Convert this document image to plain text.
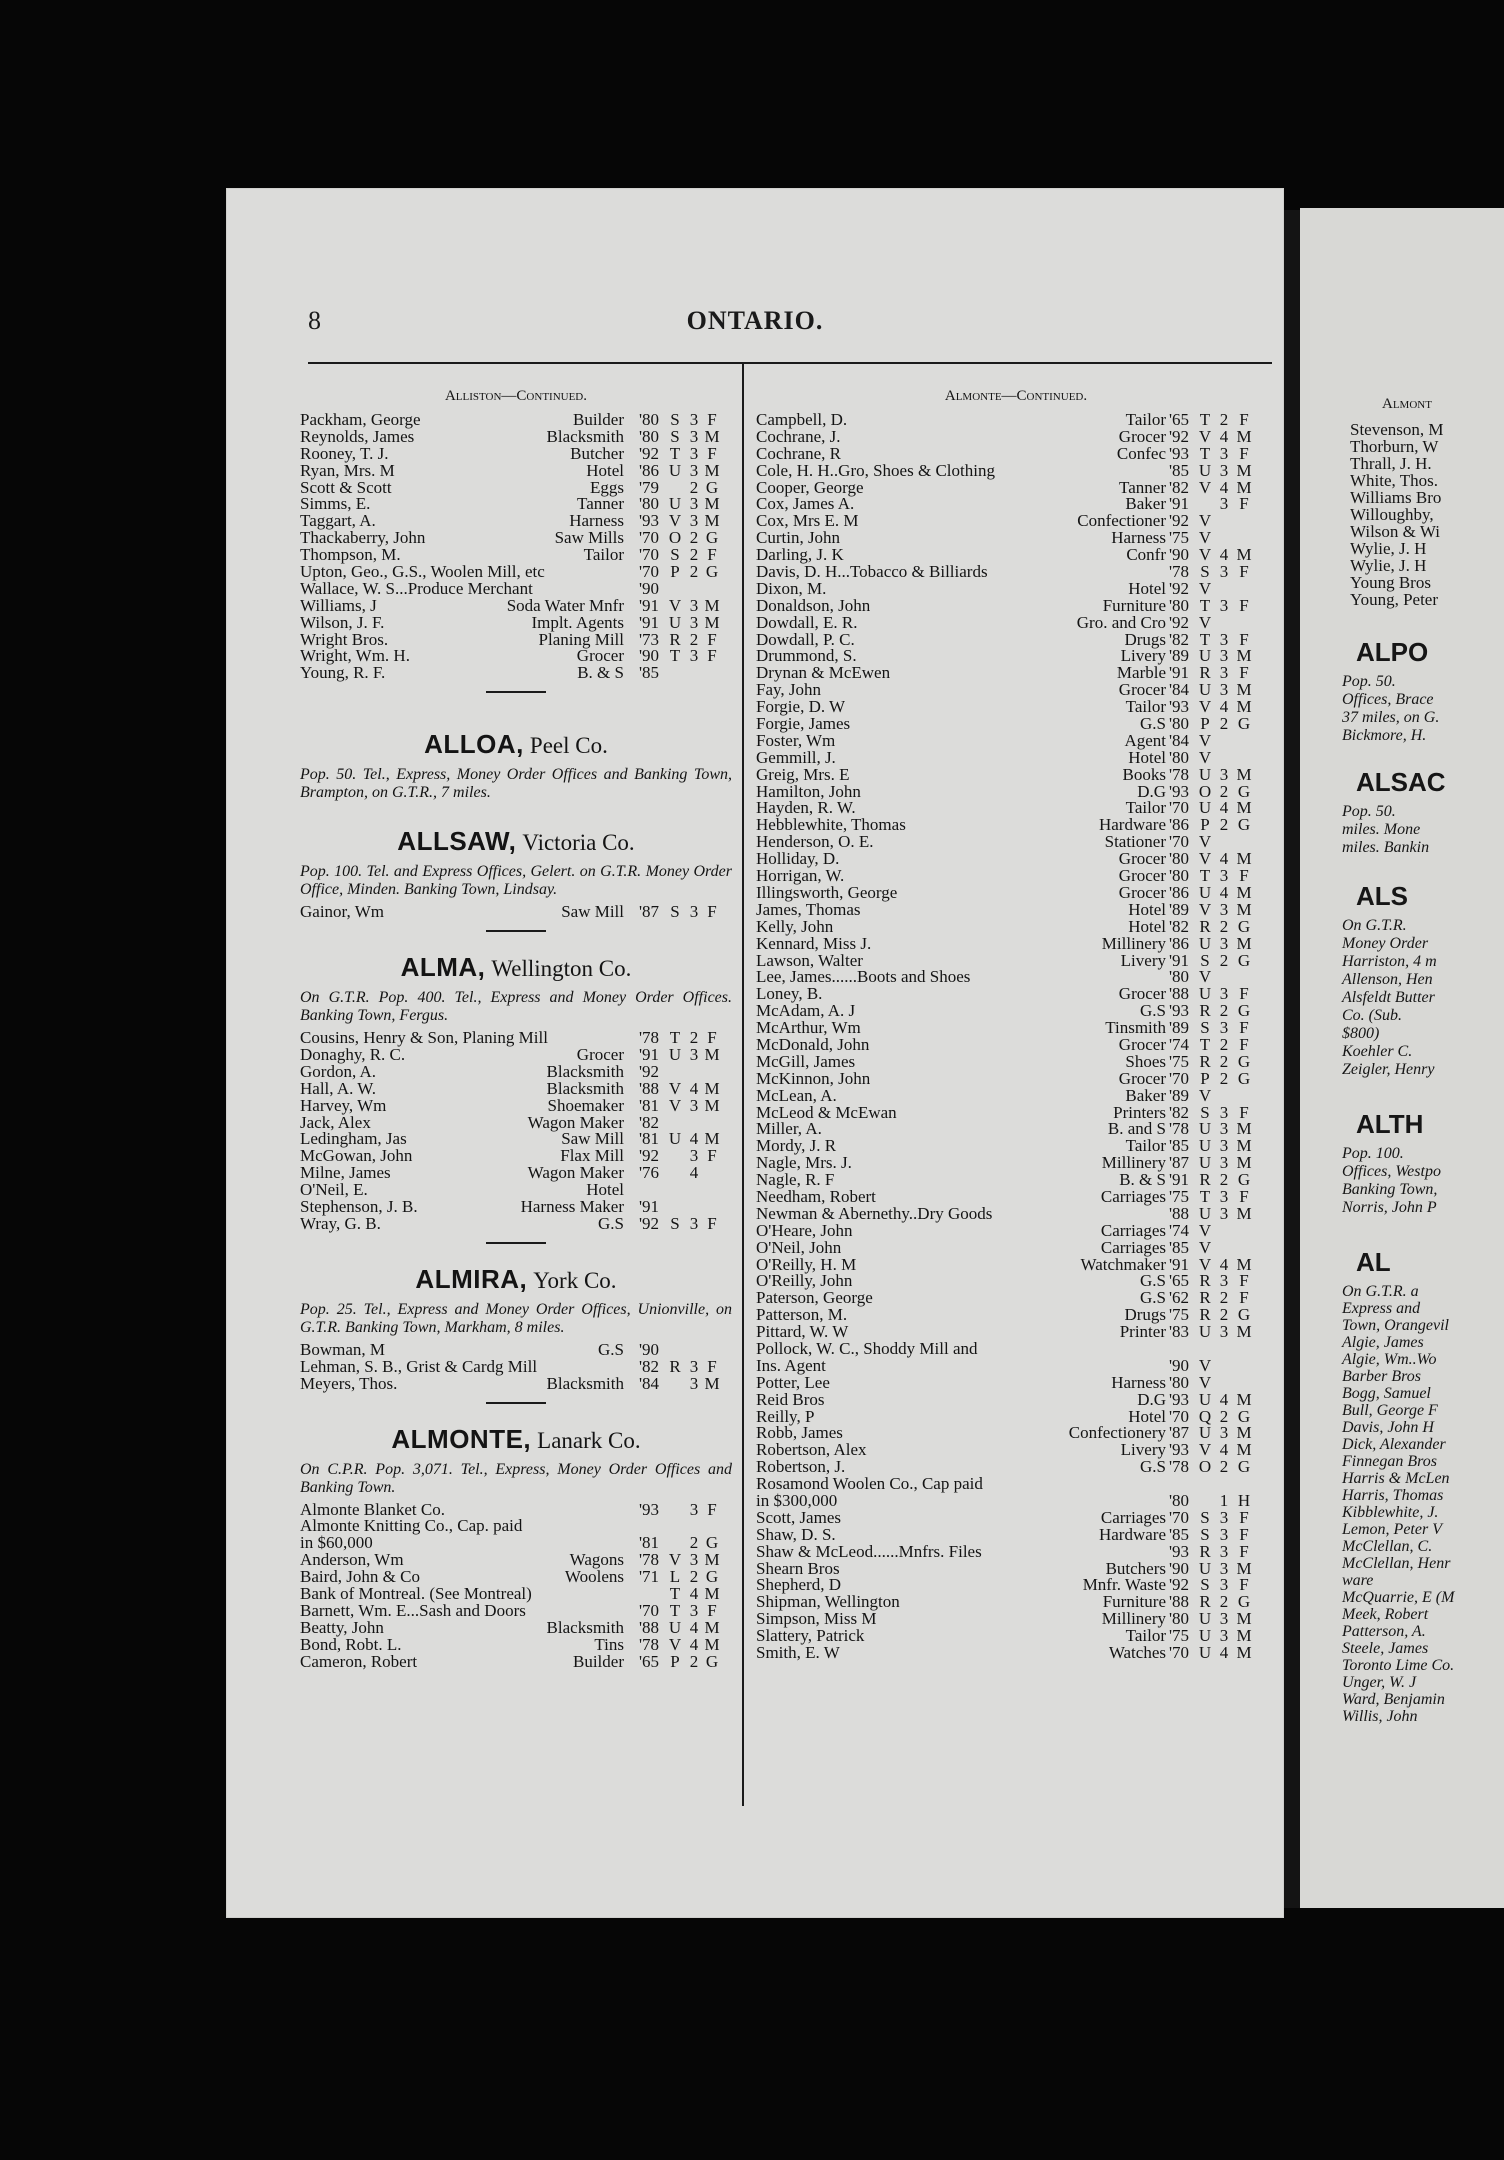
8	ONTARIO.
Alliston—Continued.
Packham, George	Builder '80 S 3 F
Reynolds, James	Blacksmith '80 S 3 M
Rooney, T. J.	Butcher '92 T 3 F
Ryan, Mrs. M	Hotel '86 U 3 M
Scott & Scott	Eggs '79 2 G
Simms, E.	Tanner '80 U 3 M
Taggart, A.	Harness '93 V 3 M
Thackaberry, John	Saw Mills '70 O 2 G
Thompson, M.	Tailor '70 S 2 F
Upton, Geo., G.S., Woolen Mill, etc	'70 P 2 G
Wallace, W. S...Produce Merchant	'90
Williams, J	Soda Water Mnfr '91 V 3 M
Wilson, J. F.	Implt. Agents '91 U 3 M
Wright Bros.	Planing Mill '73 R 2 F
Wright, Wm. H.	Grocer '90 T 3 F
Young, R. F.	B. & S '85
ALLOA, Peel Co.
Pop. 50. Tel., Express, Money Order Offices and Banking Town, Brampton, on G.T.R., 7 miles.
ALLSAW, Victoria Co.
Pop. 100. Tel. and Express Offices, Gelert. on G.T.R. Money Order Office, Minden. Banking Town, Lindsay.
Gainor, Wm	Saw Mill '87 S 3 F
ALMA, Wellington Co.
On G.T.R. Pop. 400. Tel., Express and Money Order Offices. Banking Town, Fergus.
Cousins, Henry & Son, Planing Mill	'78 T 2 F
Donaghy, R. C.	Grocer '91 U 3 M
Gordon, A.	Blacksmith '92
Hall, A. W.	Blacksmith '88 V 4 M
Harvey, Wm	Shoemaker '81 V 3 M
Jack, Alex	Wagon Maker '82
Ledingham, Jas	Saw Mill '81 U 4 M
McGowan, John	Flax Mill '92 3 F
Milne, James	Wagon Maker '76 4
O'Neil, E.	Hotel
Stephenson, J. B.	Harness Maker '91
Wray, G. B.	G.S '92 S 3 F
ALMIRA, York Co.
Pop. 25. Tel., Express and Money Order Offices, Unionville, on G.T.R. Banking Town, Markham, 8 miles.
Bowman, M	G.S '90
Lehman, S. B., Grist & Cardg Mill	'82 R 3 F
Meyers, Thos.	Blacksmith '84 3 M
ALMONTE, Lanark Co.
On C.P.R. Pop. 3,071. Tel., Express, Money Order Offices and Banking Town.
Almonte Blanket Co.	'93 3 F
Almonte Knitting Co., Cap. paid
in $60,000	'81 2 G
Anderson, Wm	Wagons '78 V 3 M
Baird, John & Co	Woolens '71 L 2 G
Bank of Montreal. (See Montreal)	T 4 M
Barnett, Wm. E...Sash and Doors	'70 T 3 F
Beatty, John	Blacksmith '88 U 4 M
Bond, Robt. L.	Tins '78 V 4 M
Cameron, Robert	Builder '65 P 2 G
Almonte—Continued.
Campbell, D.	Tailor '65 T 2 F
Cochrane, J.	Grocer '92 V 4 M
Cochrane, R	Confec '93 T 3 F
Cole, H. H..Gro, Shoes & Clothing	'85 U 3 M
Cooper, George	Tanner '82 V 4 M
Cox, James A.	Baker '91 3 F
Cox, Mrs E. M	Confectioner '92 V
Curtin, John	Harness '75 V
Darling, J. K	Confr '90 V 4 M
Davis, D. H...Tobacco & Billiards	'78 S 3 F
Dixon, M.	Hotel '92 V
Donaldson, John	Furniture '80 T 3 F
Dowdall, E. R.	Gro. and Cro '92 V
Dowdall, P. C.	Drugs '82 T 3 F
Drummond, S.	Livery '89 U 3 M
Drynan & McEwen	Marble '91 R 3 F
Fay, John	Grocer '84 U 3 M
Forgie, D. W	Tailor '93 V 4 M
Forgie, James	G.S '80 P 2 G
Foster, Wm	Agent '84 V
Gemmill, J.	Hotel '80 V
Greig, Mrs. E	Books '78 U 3 M
Hamilton, John	D.G '93 O 2 G
Hayden, R. W.	Tailor '70 U 4 M
Hebblewhite, Thomas	Hardware '86 P 2 G
Henderson, O. E.	Stationer '70 V
Holliday, D.	Grocer '80 V 4 M
Horrigan, W.	Grocer '80 T 3 F
Illingsworth, George	Grocer '86 U 4 M
James, Thomas	Hotel '89 V 3 M
Kelly, John	Hotel '82 R 2 G
Kennard, Miss J.	Millinery '86 U 3 M
Lawson, Walter	Livery '91 S 2 G
Lee, James......Boots and Shoes	'80 V
Loney, B.	Grocer '88 U 3 F
McAdam, A. J	G.S '93 R 2 G
McArthur, Wm	Tinsmith '89 S 3 F
McDonald, John	Grocer '74 T 2 F
McGill, James	Shoes '75 R 2 G
McKinnon, John	Grocer '70 P 2 G
McLean, A.	Baker '89 V
McLeod & McEwan	Printers '82 S 3 F
Miller, A.	B. and S '78 U 3 M
Mordy, J. R	Tailor '85 U 3 M
Nagle, Mrs. J.	Millinery '87 U 3 M
Nagle, R. F	B. & S '91 R 2 G
Needham, Robert	Carriages '75 T 3 F
Newman & Abernethy..Dry Goods	'88 U 3 M
O'Heare, John	Carriages '74 V
O'Neil, John	Carriages '85 V
O'Reilly, H. M	Watchmaker '91 V 4 M
O'Reilly, John	G.S '65 R 3 F
Paterson, George	G.S '62 R 2 F
Patterson, M.	Drugs '75 R 2 G
Pittard, W. W	Printer '83 U 3 M
Pollock, W. C., Shoddy Mill and
Ins. Agent	'90 V
Potter, Lee	Harness '80 V
Reid Bros	D.G '93 U 4 M
Reilly, P	Hotel '70 Q 2 G
Robb, James	Confectionery '87 U 3 M
Robertson, Alex	Livery '93 V 4 M
Robertson, J.	G.S '78 O 2 G
Rosamond Woolen Co., Cap paid
in $300,000	'80 1 H
Scott, James	Carriages '70 S 3 F
Shaw, D. S.	Hardware '85 S 3 F
Shaw & McLeod......Mnfrs. Files	'93 R 3 F
Shearn Bros	Butchers '90 U 3 M
Shepherd, D	Mnfr. Waste '92 S 3 F
Shipman, Wellington	Furniture '88 R 2 G
Simpson, Miss M	Millinery '80 U 3 M
Slattery, Patrick	Tailor '75 U 3 M
Smith, E. W	Watches '70 U 4 M
Almont
Stevenson, M
Thorburn, W
Thrall, J. H.
White, Thos.
Williams Bro
Willoughby,
Wilson & Wi
Wylie, J. H
Wylie, J. H
Young Bros
Young, Peter
ALPO
Pop. 50.
Offices, Brace
37 miles, on G.
Bickmore, H.
ALSAC
Pop. 50.
miles. Mone
miles. Bankin
ALS
On G.T.R.
Money Order
Harriston, 4 m
Allenson, Hen
Alsfeldt Butter
Co. (Sub.
$800)
Koehler C.
Zeigler, Henry
ALTH
Pop. 100.
Offices, Westpo
Banking Town,
Norris, John P
AL
On G.T.R. a
Express and
Town, Orangevil
Algie, James
Algie, Wm..Wo
Barber Bros
Bogg, Samuel
Bull, George F
Davis, John H
Dick, Alexander
Finnegan Bros
Harris & McLen
Harris, Thomas
Kibblewhite, J.
Lemon, Peter V
McClellan, C.
McClellan, Henr
ware
McQuarrie, E (M
Meek, Robert
Patterson, A.
Steele, James
Toronto Lime Co.
Unger, W. J
Ward, Benjamin
Willis, John
